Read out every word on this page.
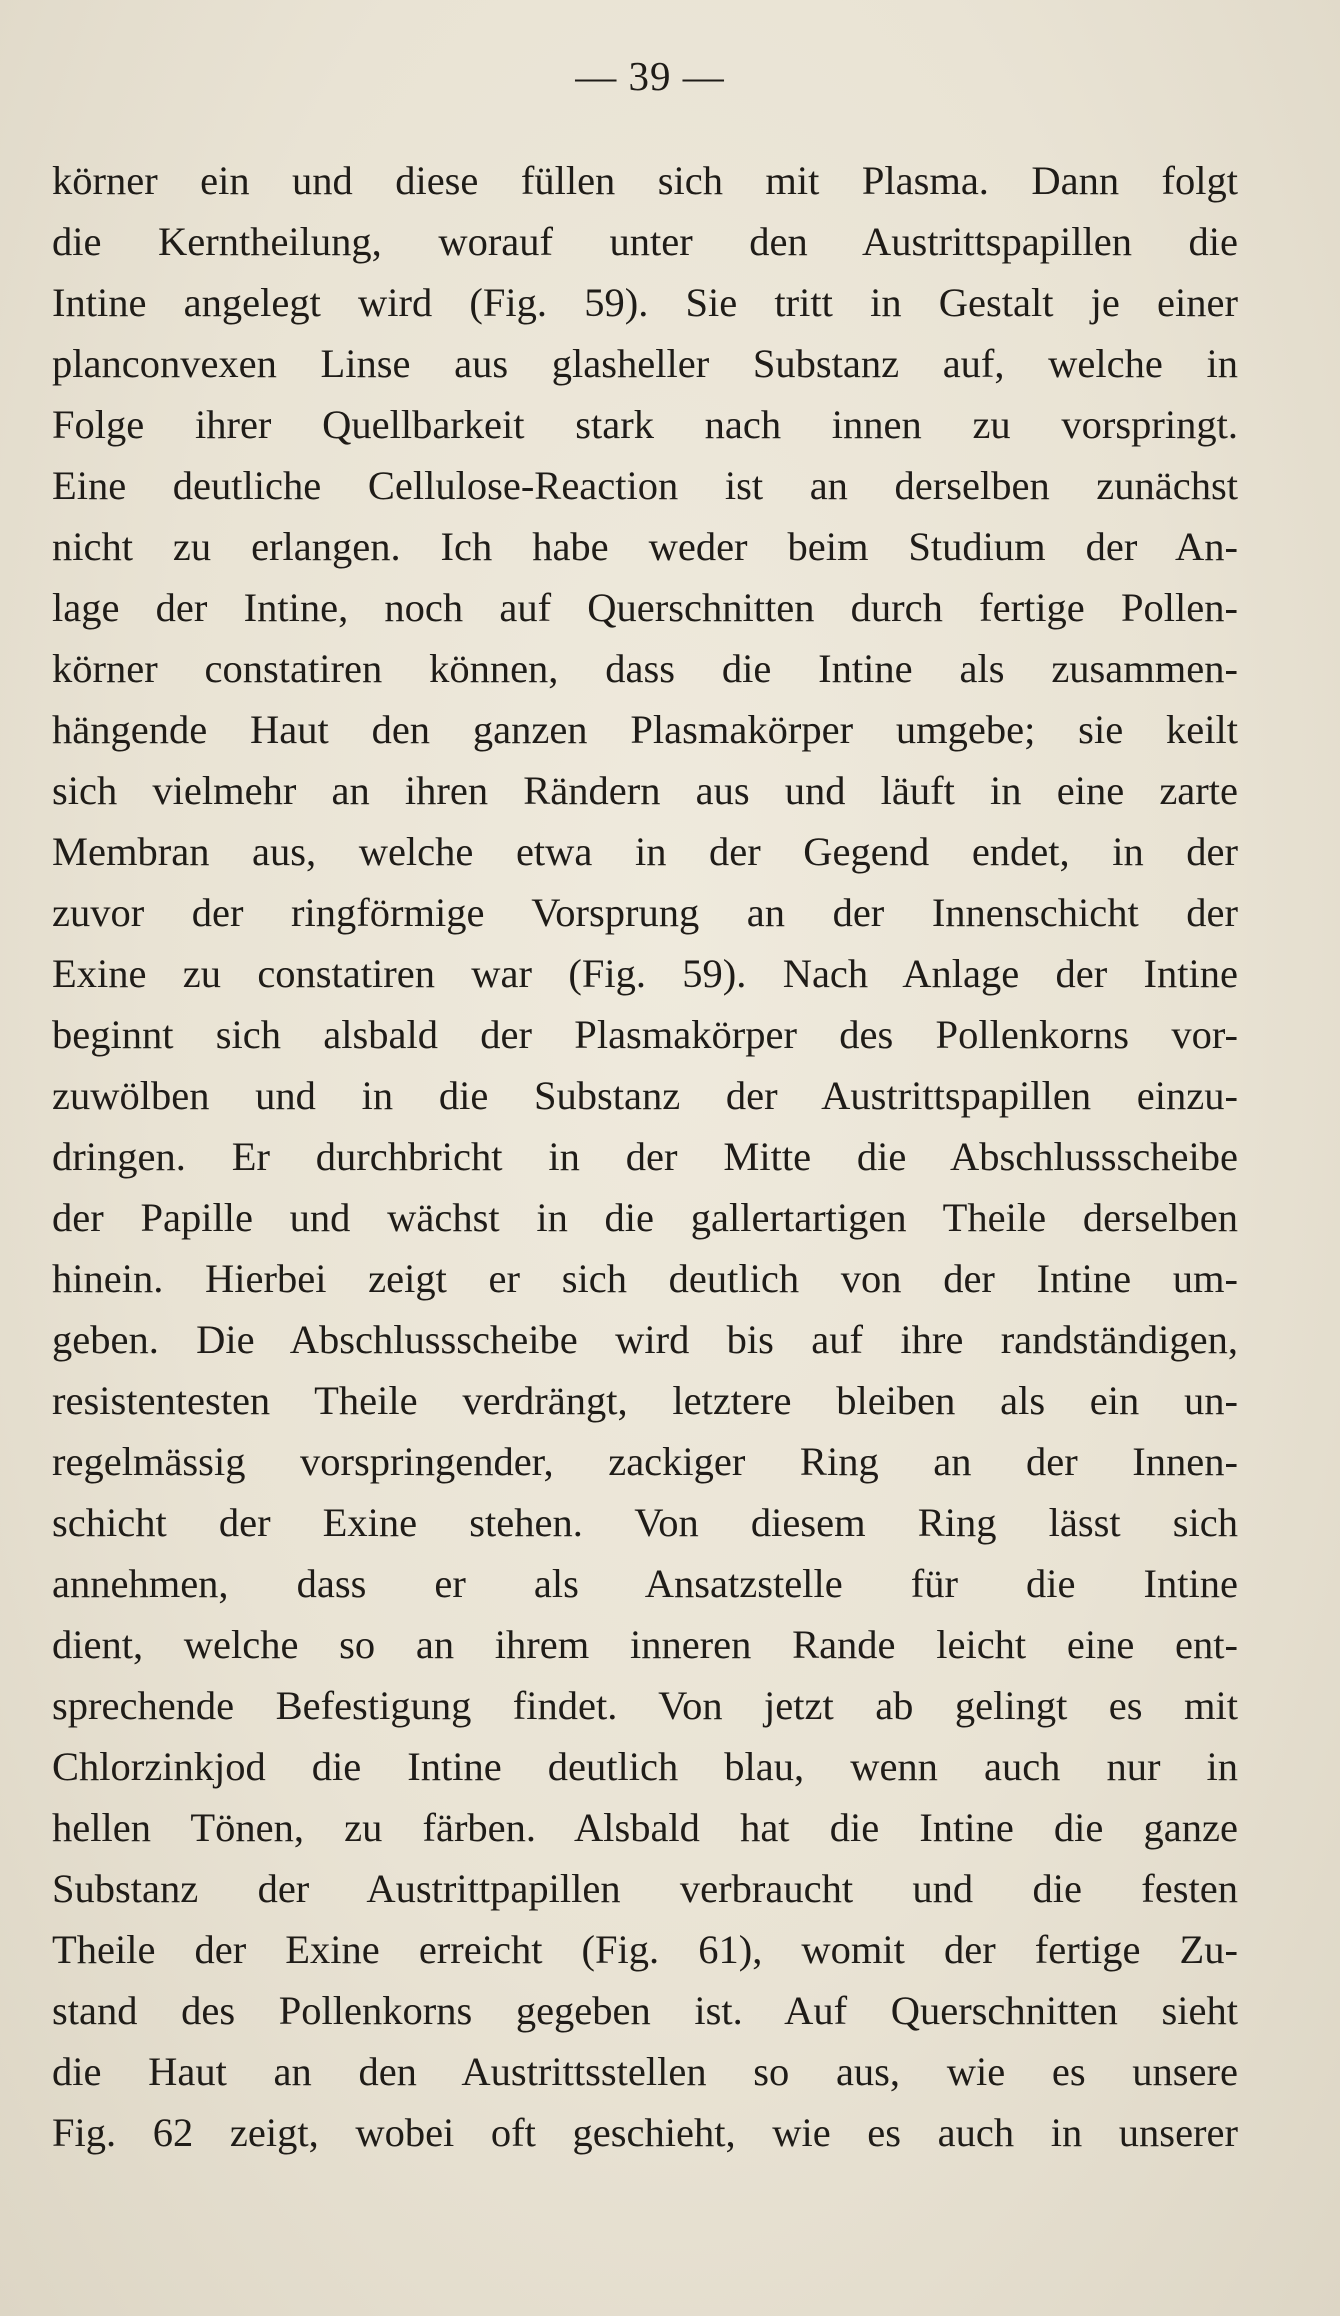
— 39 —
körner ein und diese füllen sich mit Plasma. Dann folgt
die Kerntheilung, worauf unter den Austrittspapillen die
Intine angelegt wird (Fig. 59). Sie tritt in Gestalt je einer
planconvexen Linse aus glasheller Substanz auf, welche in
Folge ihrer Quellbarkeit stark nach innen zu vorspringt.
Eine deutliche Cellulose-Reaction ist an derselben zunächst
nicht zu erlangen. Ich habe weder beim Studium der An-
lage der Intine, noch auf Querschnitten durch fertige Pollen-
körner constatiren können, dass die Intine als zusammen-
hängende Haut den ganzen Plasmakörper umgebe; sie keilt
sich vielmehr an ihren Rändern aus und läuft in eine zarte
Membran aus, welche etwa in der Gegend endet, in der
zuvor der ringförmige Vorsprung an der Innenschicht der
Exine zu constatiren war (Fig. 59). Nach Anlage der Intine
beginnt sich alsbald der Plasmakörper des Pollenkorns vor-
zuwölben und in die Substanz der Austrittspapillen einzu-
dringen. Er durchbricht in der Mitte die Abschlussscheibe
der Papille und wächst in die gallertartigen Theile derselben
hinein. Hierbei zeigt er sich deutlich von der Intine um-
geben. Die Abschlussscheibe wird bis auf ihre randständigen,
resistentesten Theile verdrängt, letztere bleiben als ein un-
regelmässig vorspringender, zackiger Ring an der Innen-
schicht der Exine stehen. Von diesem Ring lässt sich
annehmen, dass er als Ansatzstelle für die Intine
dient, welche so an ihrem inneren Rande leicht eine ent-
sprechende Befestigung findet. Von jetzt ab gelingt es mit
Chlorzinkjod die Intine deutlich blau, wenn auch nur in
hellen Tönen, zu färben. Alsbald hat die Intine die ganze
Substanz der Austrittpapillen verbraucht und die festen
Theile der Exine erreicht (Fig. 61), womit der fertige Zu-
stand des Pollenkorns gegeben ist. Auf Querschnitten sieht
die Haut an den Austrittsstellen so aus, wie es unsere
Fig. 62 zeigt, wobei oft geschieht, wie es auch in unserer
